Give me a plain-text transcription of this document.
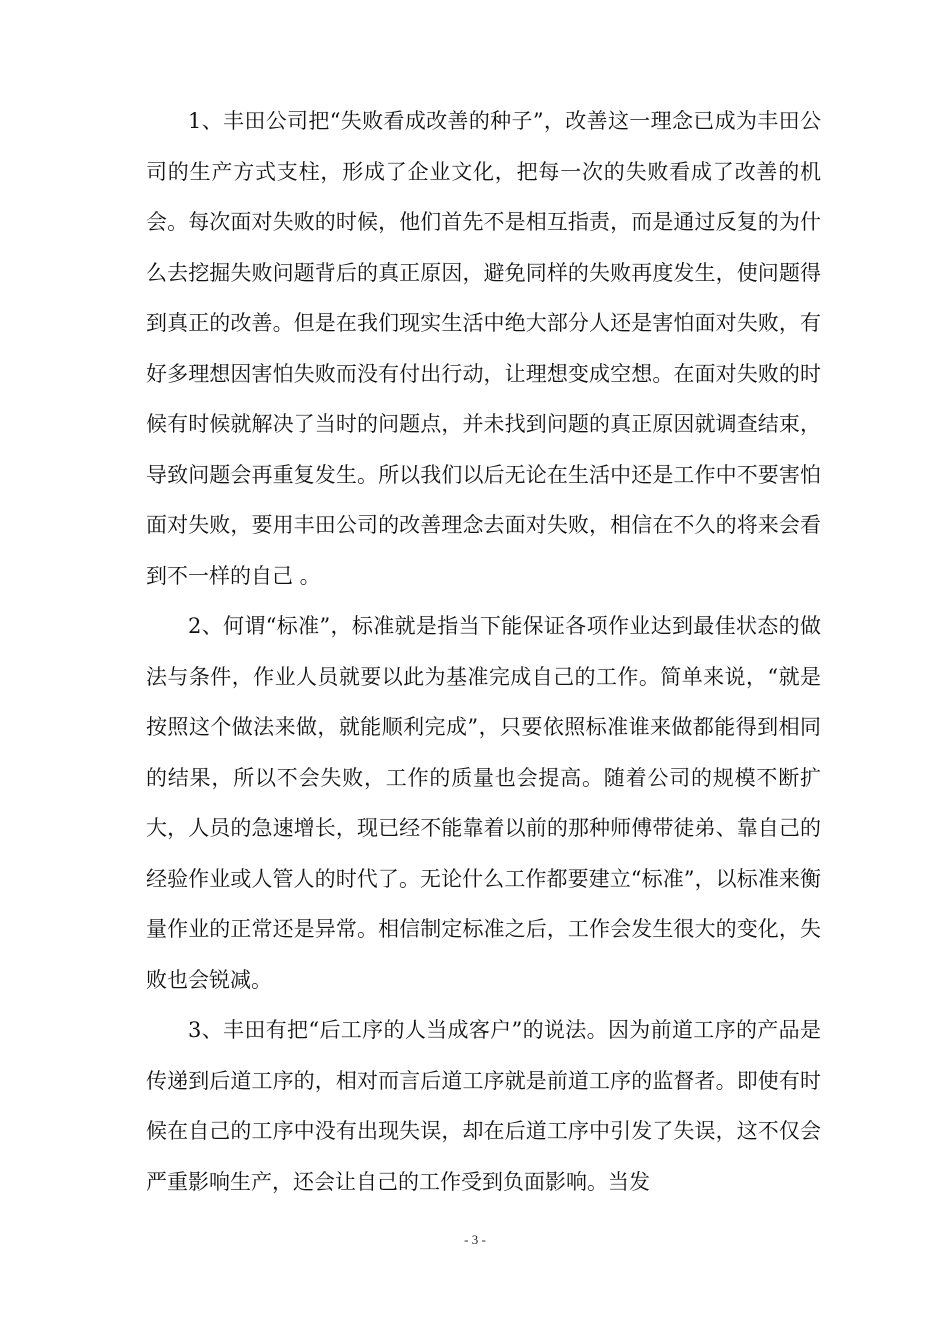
1、丰田公司把“失败看成改善的种子”，改善这一理念已成为丰田公司的生产方式支柱，形成了企业文化，把每一次的失败看成了改善的机会。每次面对失败的时候，他们首先不是相互指责，而是通过反复的为什么去挖掘失败问题背后的真正原因，避免同样的失败再度发生，使问题得到真正的改善。但是在我们现实生活中绝大部分人还是害怕面对失败，有好多理想因害怕失败而没有付出行动，让理想变成空想。在面对失败的时候有时候就解决了当时的问题点，并未找到问题的真正原因就调查结束，导致问题会再重复发生。所以我们以后无论在生活中还是工作中不要害怕面对失败，要用丰田公司的改善理念去面对失败，相信在不久的将来会看到不一样的自己 。

2、何谓“标准”，标准就是指当下能保证各项作业达到最佳状态的做法与条件，作业人员就要以此为基准完成自己的工作。简单来说，“就是按照这个做法来做，就能顺利完成”，只要依照标准谁来做都能得到相同的结果，所以不会失败，工作的质量也会提高。随着公司的规模不断扩大，人员的急速增长，现已经不能靠着以前的那种师傅带徒弟、靠自己的经验作业或人管人的时代了。无论什么工作都要建立“标准”，以标准来衡量作业的正常还是异常。相信制定标准之后，工作会发生很大的变化，失败也会锐减。

3、丰田有把“后工序的人当成客户”的说法。因为前道工序的产品是传递到后道工序的，相对而言后道工序就是前道工序的监督者。即使有时候在自己的工序中没有出现失误，却在后道工序中引发了失误，这不仅会严重影响生产，还会让自己的工作受到负面影响。当发

- 3 -
